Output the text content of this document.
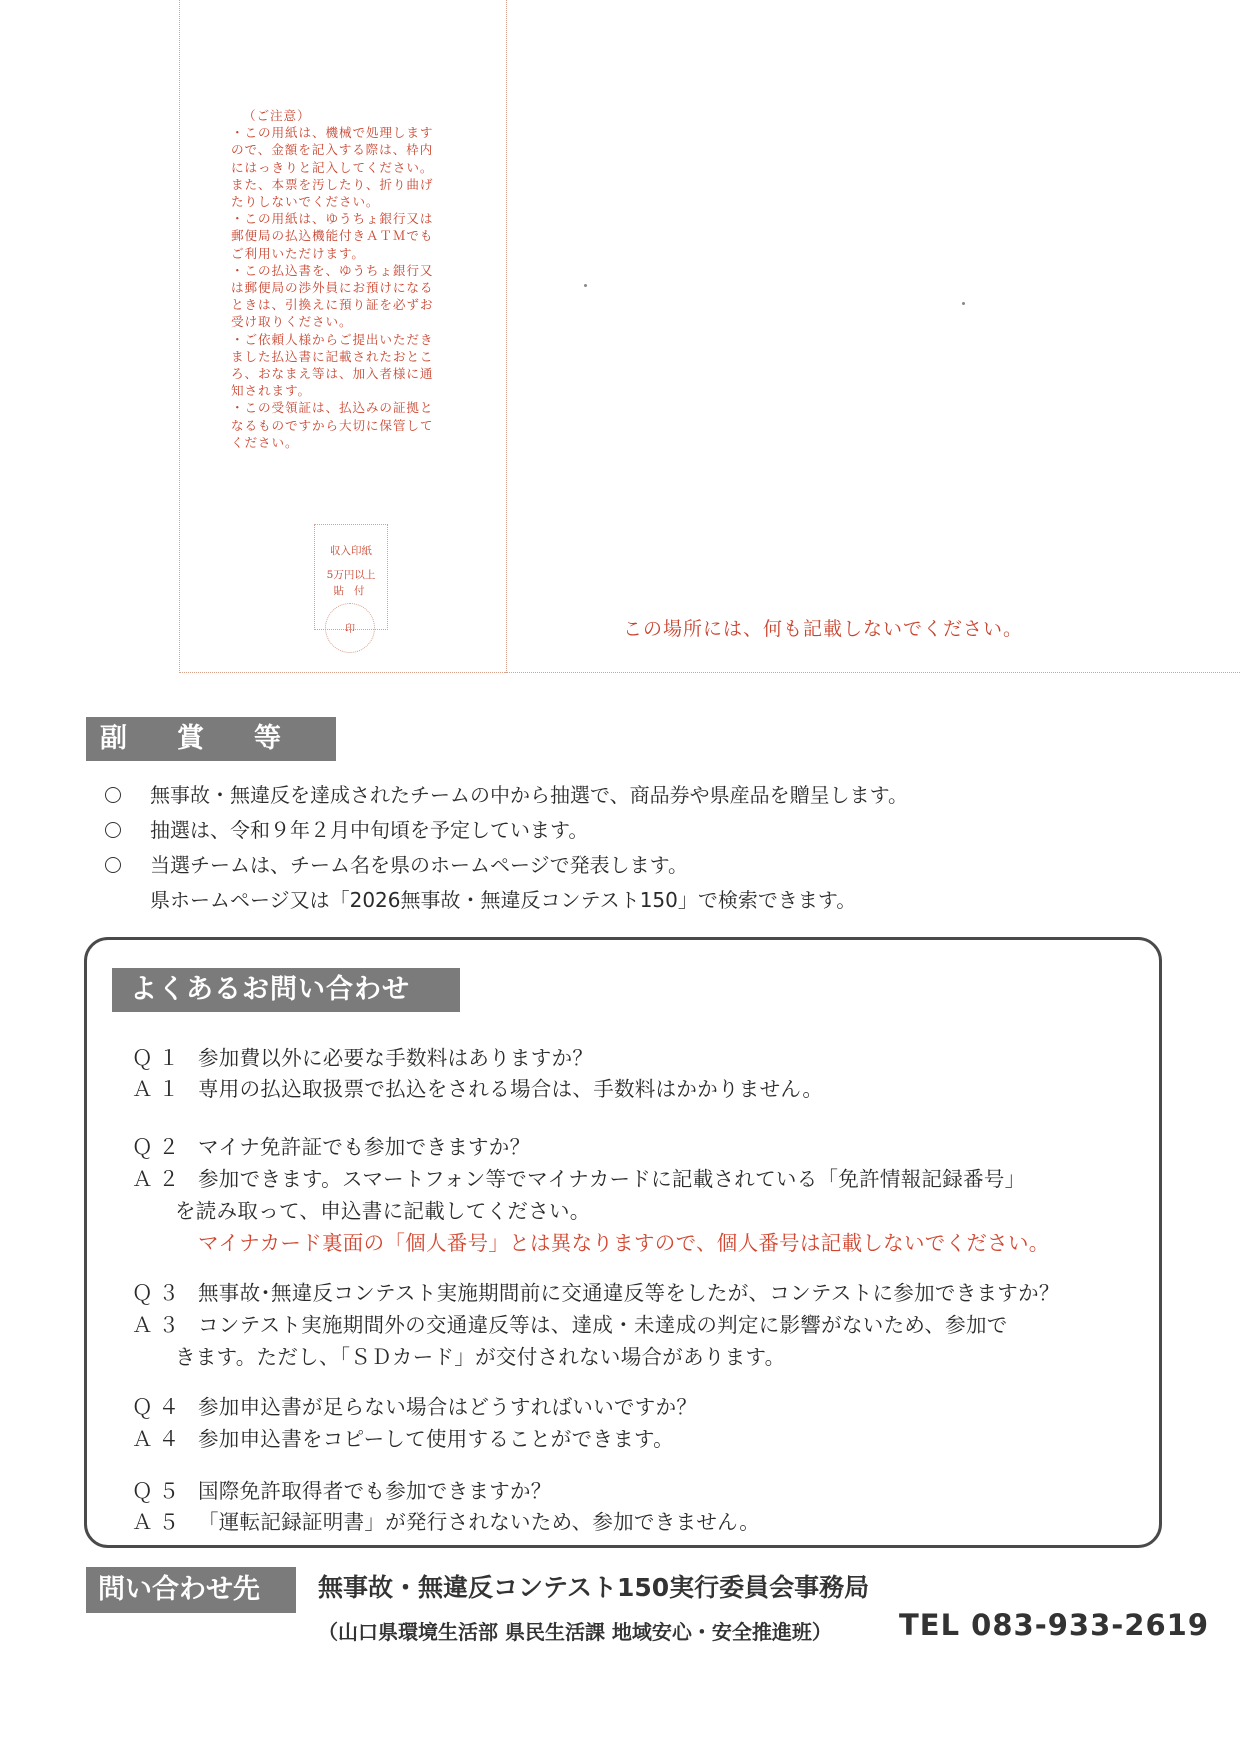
（ご注意）
・この用紙は、機械で処理します
ので、金額を記入する際は、枠内
にはっきりと記入してください。
また、本票を汚したり、折り曲げ
たりしないでください。
・この用紙は、ゆうちょ銀行又は
郵便局の払込機能付きＡＴＭでも
ご利用いただけます。
・この払込書を、ゆうちょ銀行又
は郵便局の渉外員にお預けになる
ときは、引換えに預り証を必ずお
受け取りください。
・ご依頼人様からご提出いただき
ました払込書に記載されたおとこ
ろ、おなまえ等は、加入者様に通
知されます。
・この受領証は、払込みの証拠と
なるものですから大切に保管して
ください。
収入印紙
5万円以上
貼付
印	この場所には、何も記載しないでください。
副賞等
無事故・無違反を達成されたチームの中から抽選で、商品券や県産品を贈呈します。
抽選は、令和９年２月中旬頃を予定しています。
当選チームは、チーム名を県のホームページで発表します。
県ホームページ又は「2026無事故・無違反コンテスト150」で検索できます。
よくあるお問い合わせ
Ｑ１ 参加費以外に必要な手数料はありますか？
Ａ１ 専用の払込取扱票で払込をされる場合は、手数料はかかりません。
Ｑ２ マイナ免許証でも参加できますか？
Ａ２ 参加できます。スマートフォン等でマイナカードに記載されている「免許情報記録番号」
を読み取って、申込書に記載してください。
マイナカード裏面の「個人番号」とは異なりますので、個人番号は記載しないでください。
Ｑ３ 無事故･無違反コンテスト実施期間前に交通違反等をしたが、コンテストに参加できますか？
Ａ３ コンテスト実施期間外の交通違反等は、達成・未達成の判定に影響がないため、参加で
きます。ただし、「ＳＤカード」が交付されない場合があります。
Ｑ４ 参加申込書が足らない場合はどうすればいいですか？
Ａ４ 参加申込書をコピーして使用することができます。
Ｑ５ 国際免許取得者でも参加できますか？
Ａ５ 「運転記録証明書」が発行されないため、参加できません。
問い合わせ先	無事故・無違反コンテスト150実行委員会事務局
（山口県環境生活部 県民生活課 地域安心・安全推進班） TEL 083-933-2619
